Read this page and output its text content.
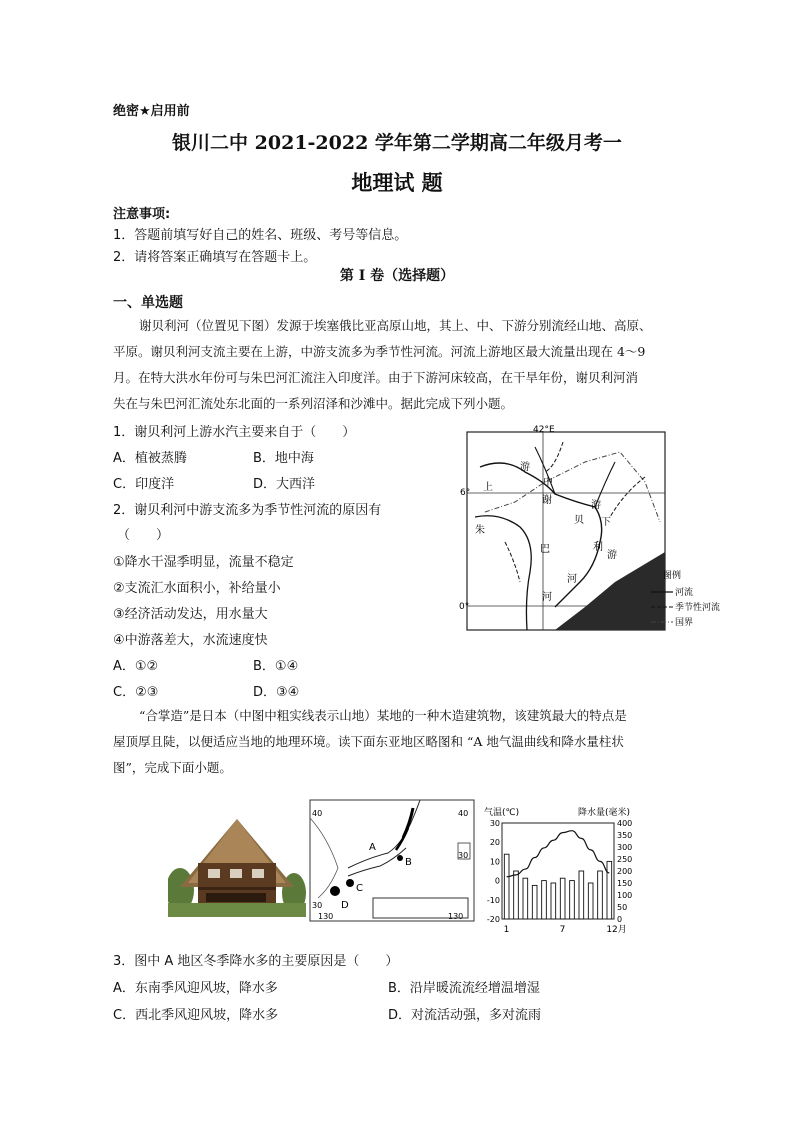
绝密★启用前
银川二中 2021-2022 学年第二学期高二年级月考一
地理试 题
注意事项:
1．答题前填写好自己的姓名、班级、考号等信息。
2．请将答案正确填写在答题卡上。
第 I 卷（选择题）
一、单选题
谢贝利河（位置见下图）发源于埃塞俄比亚高原山地，其上、中、下游分别流经山地、高原、
平原。谢贝利河支流主要在上游，中游支流多为季节性河流。河流上游地区最大流量出现在 4～9
月。在特大洪水年份可与朱巴河汇流注入印度洋。由于下游河床较高，在干旱年份，谢贝利河消
失在与朱巴河汇流处东北面的一系列沼泽和沙滩中。据此完成下列小题。
1．谢贝利河上游水汽主要来自于（　　）
A．植被蒸腾	B．地中海
C．印度洋	D．大西洋
2．谢贝利河中游支流多为季节性河流的原因有
（　　）
①降水干湿季明显，流量不稳定
②支流汇水面积小，补给量小
③经济活动发达，用水量大
④中游落差大，水流速度快
A．①②	B．①④
C．②③	D．③④
42°E
6°
0°
游
上	中
谢	游
贝 下
利
游
河
朱
巴
河
图例
河流
季节性河流
国界
“合掌造”是日本（中图中粗实线表示山地）某地的一种木造建筑物，该建筑最大的特点是
屋顶厚且陡，以便适应当地的地理环境。读下面东亚地区略图和 “A 地气温曲线和降水量柱状
图”，完成下面小题。
40
30
40
30
130	130
A
B
D
C
气温(℃)	降水量(毫米)
30
20
10
0
-10
-20
400
350
300
250
200
150
100
50
0
1	7	12月
3．图中 A 地区冬季降水多的主要原因是（　　）
A．东南季风迎风坡，降水多	B．沿岸暖流流经增温增湿
C．西北季风迎风坡，降水多	D．对流活动强，多对流雨
